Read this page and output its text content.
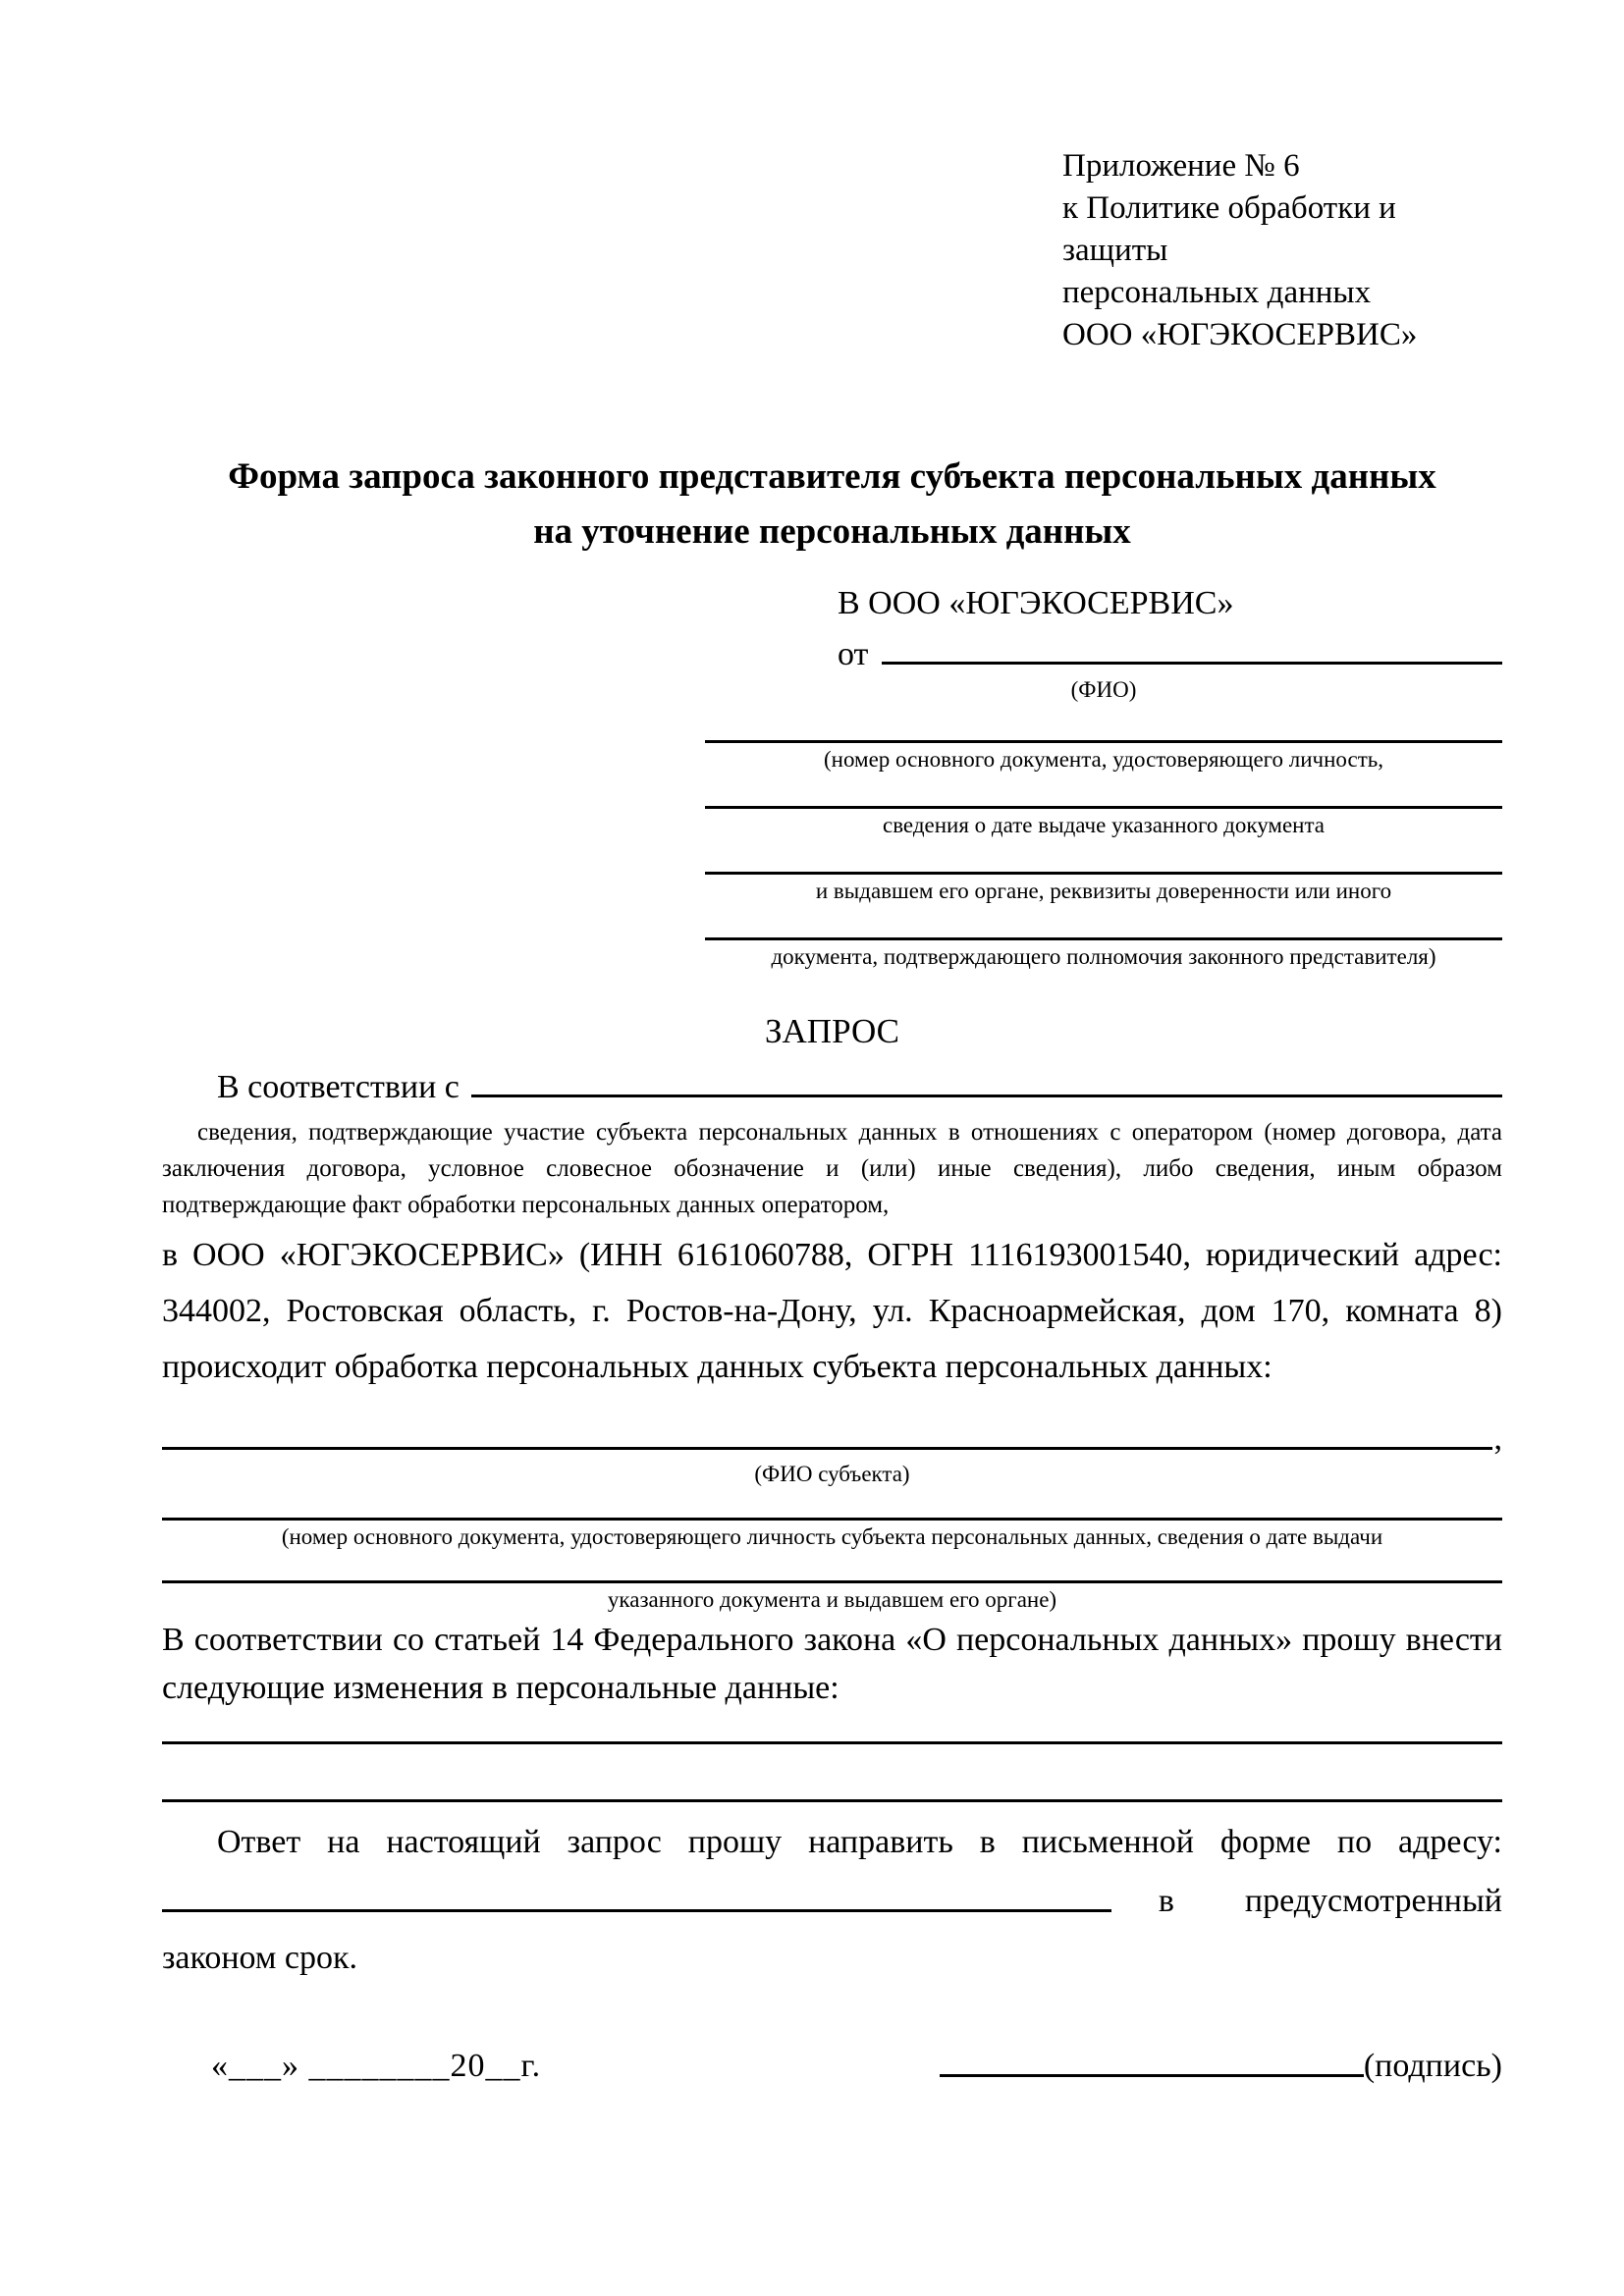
Приложение № 6
к Политике обработки и защиты
персональных данных
ООО «ЮГЭКОСЕРВИС»
Форма запроса законного представителя субъекта персональных данных
на уточнение персональных данных
В ООО «ЮГЭКОСЕРВИС»
от
(ФИО)
(номер основного документа, удостоверяющего личность,
сведения о дате выдаче указанного документа
и выдавшем его органе, реквизиты доверенности или иного
документа, подтверждающего полномочия законного представителя)
ЗАПРОС
В соответствии с
сведения, подтверждающие участие субъекта персональных данных в отношениях с оператором (номер договора, дата заключения договора, условное словесное обозначение и (или) иные сведения), либо сведения, иным образом подтверждающие факт обработки персональных данных оператором,
в ООО «ЮГЭКОСЕРВИС» (ИНН 6161060788, ОГРН 1116193001540, юридический адрес: 344002, Ростовская область, г. Ростов-на-Дону, ул. Красноармейская, дом 170, комната 8) происходит обработка персональных данных субъекта персональных данных:
,
(ФИО субъекта)
(номер основного документа, удостоверяющего личность субъекта персональных данных, сведения о дате выдачи
указанного документа и выдавшем его органе)
В соответствии со статьей 14 Федерального закона «О персональных данных» прошу внести следующие изменения в персональные данные:
Ответ на настоящий запрос прошу направить в письменной форме по адресу:
в предусмотренный
законом срок.
«___» ________20__г.	(подпись)
